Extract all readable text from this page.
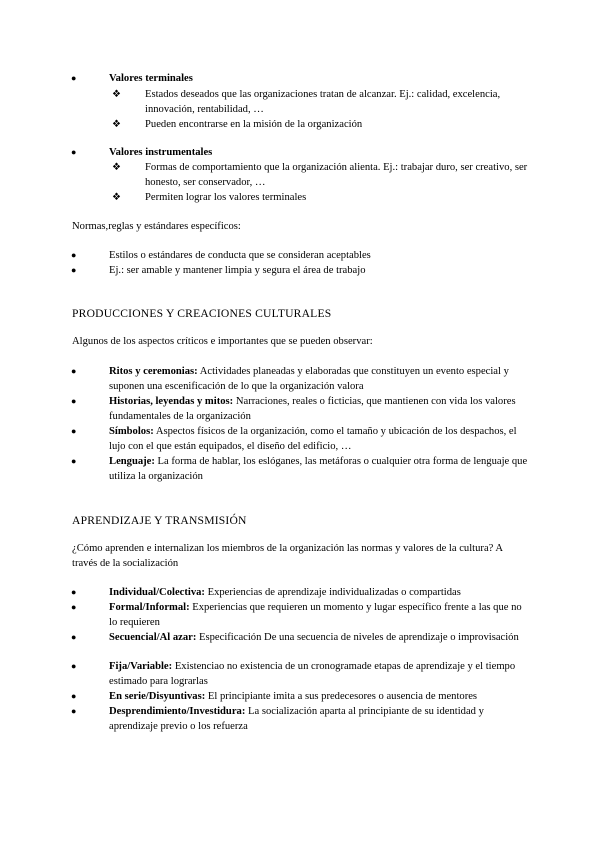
●	Valores terminales
❖	Estados deseados que las organizaciones tratan de alcanzar. Ej.: calidad, excelencia, innovación, rentabilidad, …
❖	Pueden encontrarse en la misión de la organización
●	Valores instrumentales
❖	Formas de comportamiento que la organización alienta. Ej.: trabajar duro, ser creativo, ser honesto, ser conservador, …
❖	Permiten lograr los valores terminales
Normas,reglas y estándares específicos:
●	Estilos o estándares de conducta que se consideran aceptables
●	Ej.: ser amable y mantener limpia y segura el área de trabajo
PRODUCCIONES Y CREACIONES CULTURALES
Algunos de los aspectos críticos e importantes que se pueden observar:
●	Ritos y ceremonias: Actividades planeadas y elaboradas que constituyen un evento especial y suponen una escenificación de lo que la organización valora
●	Historias, leyendas y mitos: Narraciones, reales o ficticias, que mantienen con vida los valores fundamentales de la organización
●	Símbolos: Aspectos físicos de la organización, como el tamaño y ubicación de los despachos, el lujo con el que están equipados, el diseño del edificio, …
●	Lenguaje: La forma de hablar, los eslóganes, las metáforas o cualquier otra forma de lenguaje que utiliza la organización
APRENDIZAJE Y TRANSMISIÓN
¿Cómo aprenden e internalizan los miembros de la organización las normas y valores de la cultura? A través de la socialización
●	Individual/Colectiva: Experiencias de aprendizaje individualizadas o compartidas
●	Formal/Informal: Experiencias que requieren un momento y lugar específico frente a las que no lo requieren
●	Secuencial/Al azar: Especificación De una secuencia de niveles de aprendizaje o improvisación
●	Fija/Variable: Existenciao no existencia de un cronogramade etapas de aprendizaje y el tiempo estimado para lograrlas
●	En serie/Disyuntivas: El principiante imita a sus predecesores o ausencia de mentores
●	Desprendimiento/Investidura: La socialización aparta al principiante de su identidad y aprendizaje previo o los refuerza
